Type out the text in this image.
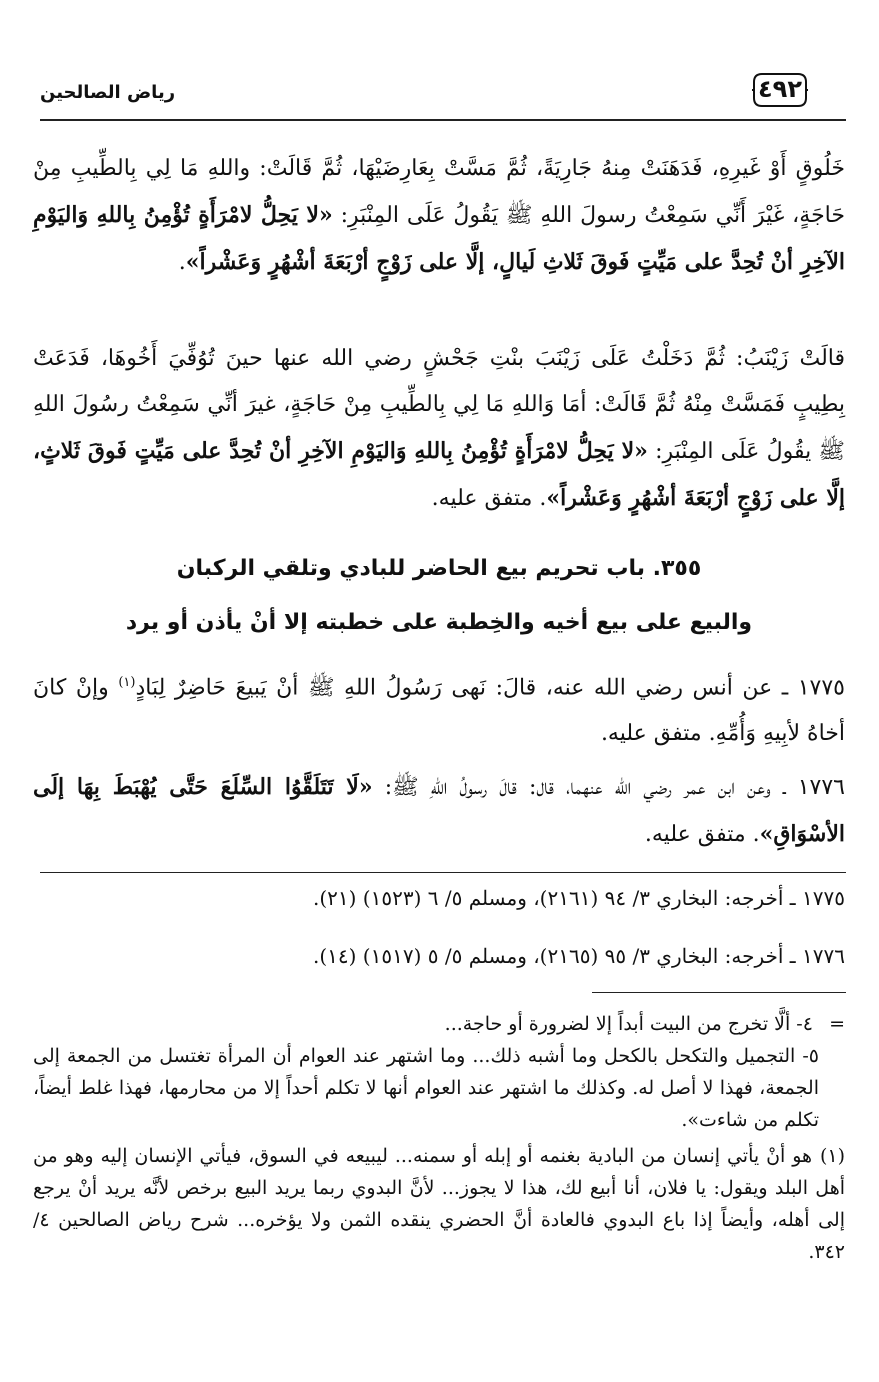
رياض الصالحين	٤٩٢

خَلُوقٍ أَوْ غَيرِهِ، فَدَهَنَتْ مِنهُ جَارِيَةً، ثُمَّ مَسَّتْ بِعَارِضَيْهَا، ثُمَّ قَالَتْ: واللهِ مَا لِي بِالطِّيبِ مِنْ حَاجَةٍ، غَيْرَ أَنِّي سَمِعْتُ رسولَ اللهِ ﷺ يَقُولُ عَلَى المِنْبَرِ: «لا يَحِلُّ لامْرَأَةٍ تُؤْمِنُ بِاللهِ وَاليَوْمِ الآخِرِ أنْ تُحِدَّ على مَيِّتٍ فَوقَ ثَلاثِ لَيالٍ، إلَّا على زَوْجٍ أرْبَعَةَ أشْهُرٍ وَعَشْراً».

قالَتْ زَيْنَبُ: ثُمَّ دَخَلْتُ عَلَى زَيْنَبَ بنْتِ جَحْشٍ رضي الله عنها حينَ تُوُفِّيَ أَخُوهَا، فَدَعَتْ بِطِيبٍ فَمَسَّتْ مِنْهُ ثُمَّ قَالَتْ: أمَا وَاللهِ مَا لِي بِالطِّيبِ مِنْ حَاجَةٍ، غيرَ أنِّي سَمِعْتُ رسُولَ اللهِ ﷺ يقُولُ عَلَى المِنْبَرِ: «لا يَحِلُّ لامْرَأَةٍ تُؤْمِنُ بِاللهِ وَاليَوْمِ الآخِرِ أنْ تُحِدَّ على مَيِّتٍ فَوقَ ثَلاثٍ، إلَّا على زَوْجٍ أرْبَعَةَ أشْهُرٍ وَعَشْراً». متفق عليه.

٣٥٥. باب تحريم بيع الحاضر للبادي وتلقي الركبان
والبيع على بيع أخيه والخِطبة على خطبته إلا أنْ يأذن أو يرد

١٧٧٥ ـ عن أنس رضي الله عنه، قالَ: نَهى رَسُولُ اللهِ ﷺ أنْ يَبيعَ حَاضِرٌ لِبَادٍ$^{(١)}$ وإنْ كانَ أخاهُ لأبِيهِ وَأُمِّهِ. متفق عليه.

١٧٧٦ ـ وعن ابن عمر رضي الله عنهما، قال: قالَ رسولُ اللهِ ﷺ: «لَا تَتَلَقَّوُا السِّلَعَ حَتَّى يُهْبَطَ بِهَا إلَى الأسْوَاقِ». متفق عليه.

١٧٧٥ ـ أخرجه: البخاري ٣/ ٩٤ (٢١٦١)، ومسلم ٥/ ٦ (١٥٢٣) (٢١).
١٧٧٦ ـ أخرجه: البخاري ٣/ ٩٥ (٢١٦٥)، ومسلم ٥/ ٥ (١٥١٧) (١٤).

= ٤- ألَّا تخرج من البيت أبداً إلا لضرورة أو حاجة...

٥- التجميل والتكحل بالكحل وما أشبه ذلك... وما اشتهر عند العوام أن المرأة تغتسل من الجمعة إلى الجمعة، فهذا لا أصل له. وكذلك ما اشتهر عند العوام أنها لا تكلم أحداً إلا من محارمها، فهذا غلط أيضاً، تكلم من شاءت».

(١) هو أنْ يأتي إنسان من البادية بغنمه أو إبله أو سمنه... ليبيعه في السوق، فيأتي الإنسان إليه وهو من أهل البلد ويقول: يا فلان، أنا أبيع لك، هذا لا يجوز... لأنَّ البدوي ربما يريد البيع برخص لأنَّه يريد أنْ يرجع إلى أهله، وأيضاً إذا باع البدوي فالعادة أنَّ الحضري ينقده الثمن ولا يؤخره... شرح رياض الصالحين ٤/ ٣٤٢.
